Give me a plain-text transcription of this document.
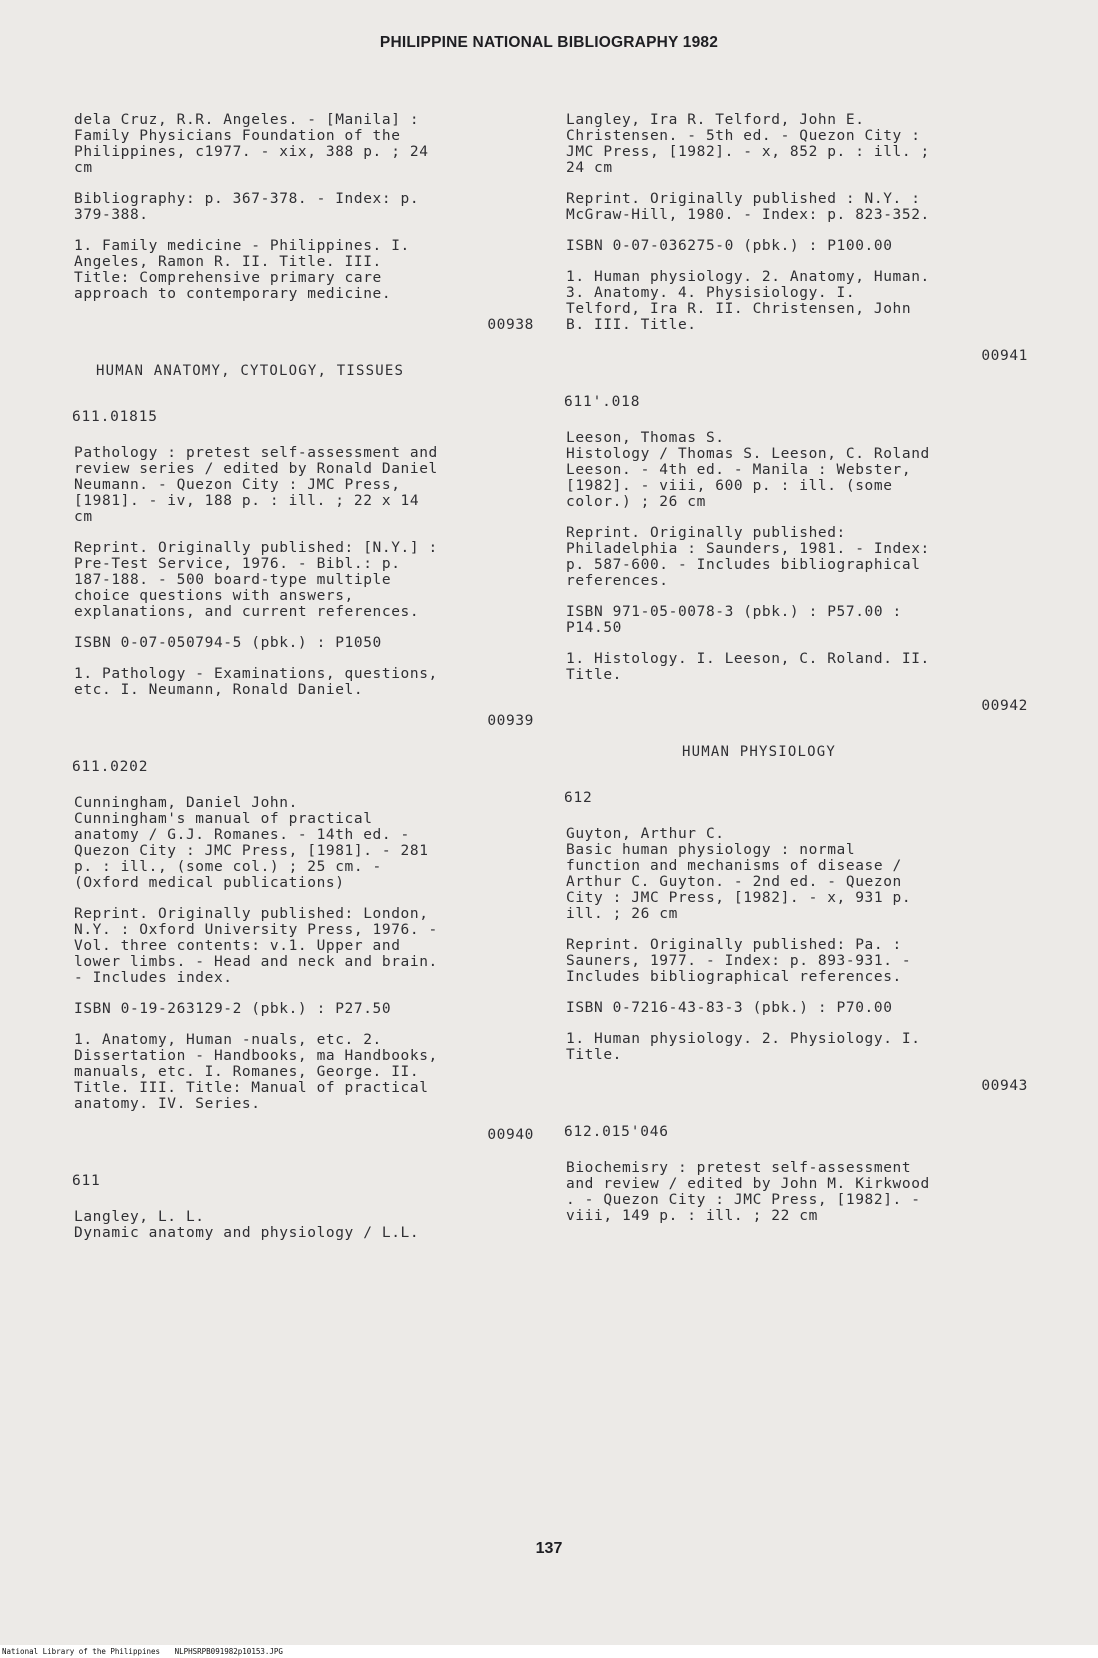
PHILIPPINE NATIONAL BIBLIOGRAPHY 1982

dela Cruz, R.R. Angeles. - [Manila] :
Family Physicians Foundation of the
Philippines, c1977. - xix, 388 p. ; 24
cm

Bibliography: p. 367-378. - Index: p.
379-388.

1. Family medicine - Philippines. I.
Angeles, Ramon R. II. Title. III.
Title: Comprehensive primary care
approach to contemporary medicine.

00938
HUMAN ANATOMY, CYTOLOGY, TISSUES
611.01815

Pathology : pretest self-assessment and
review series / edited by Ronald Daniel
Neumann. - Quezon City : JMC Press,
[1981]. - iv, 188 p. : ill. ; 22 x 14
cm

Reprint. Originally published: [N.Y.] :
Pre-Test Service, 1976. - Bibl.: p.
187-188. - 500 board-type multiple
choice questions with answers,
explanations, and current references.

ISBN 0-07-050794-5 (pbk.) : P1050

1. Pathology - Examinations, questions,
etc. I. Neumann, Ronald Daniel.

00939
611.0202

Cunningham, Daniel John.
Cunningham's manual of practical
anatomy / G.J. Romanes. - 14th ed. -
Quezon City : JMC Press, [1981]. - 281
p. : ill., (some col.) ; 25 cm. -
(Oxford medical publications)

Reprint. Originally published: London,
N.Y. : Oxford University Press, 1976. -
Vol. three contents: v.1. Upper and
lower limbs. - Head and neck and brain.
- Includes index.

ISBN 0-19-263129-2 (pbk.) : P27.50

1. Anatomy, Human -nuals, etc. 2.
Dissertation - Handbooks, ma Handbooks,
manuals, etc. I. Romanes, George. II.
Title. III. Title: Manual of practical
anatomy. IV. Series.

00940
611

Langley, L. L.
Dynamic anatomy and physiology / L.L.

Langley, Ira R. Telford, John E.
Christensen. - 5th ed. - Quezon City :
JMC Press, [1982]. - x, 852 p. : ill. ;
24 cm

Reprint. Originally published : N.Y. :
McGraw-Hill, 1980. - Index: p. 823-352.

ISBN 0-07-036275-0 (pbk.) : P100.00

1. Human physiology. 2. Anatomy, Human.
3. Anatomy. 4. Physisiology. I.
Telford, Ira R. II. Christensen, John
B. III. Title.

00941
611'.018

Leeson, Thomas S.
Histology / Thomas S. Leeson, C. Roland
Leeson. - 4th ed. - Manila : Webster,
[1982]. - viii, 600 p. : ill. (some
color.) ; 26 cm

Reprint. Originally published:
Philadelphia : Saunders, 1981. - Index:
p. 587-600. - Includes bibliographical
references.

ISBN 971-05-0078-3 (pbk.) : P57.00 :
P14.50

1. Histology. I. Leeson, C. Roland. II.
Title.

00942
HUMAN PHYSIOLOGY
612

Guyton, Arthur C.
Basic human physiology : normal
function and mechanisms of disease /
Arthur C. Guyton. - 2nd ed. - Quezon
City : JMC Press, [1982]. - x, 931 p.
ill. ; 26 cm

Reprint. Originally published: Pa. :
Sauners, 1977. - Index: p. 893-931. -
Includes bibliographical references.

ISBN 0-7216-43-83-3 (pbk.) : P70.00

1. Human physiology. 2. Physiology. I.
Title.

00943
612.015'046

Biochemisry : pretest self-assessment
and review / edited by John M. Kirkwood
. - Quezon City : JMC Press, [1982]. -
viii, 149 p. : ill. ; 22 cm

137
National Library of the Philippines NLPHSRPB091982p10153.JPG
